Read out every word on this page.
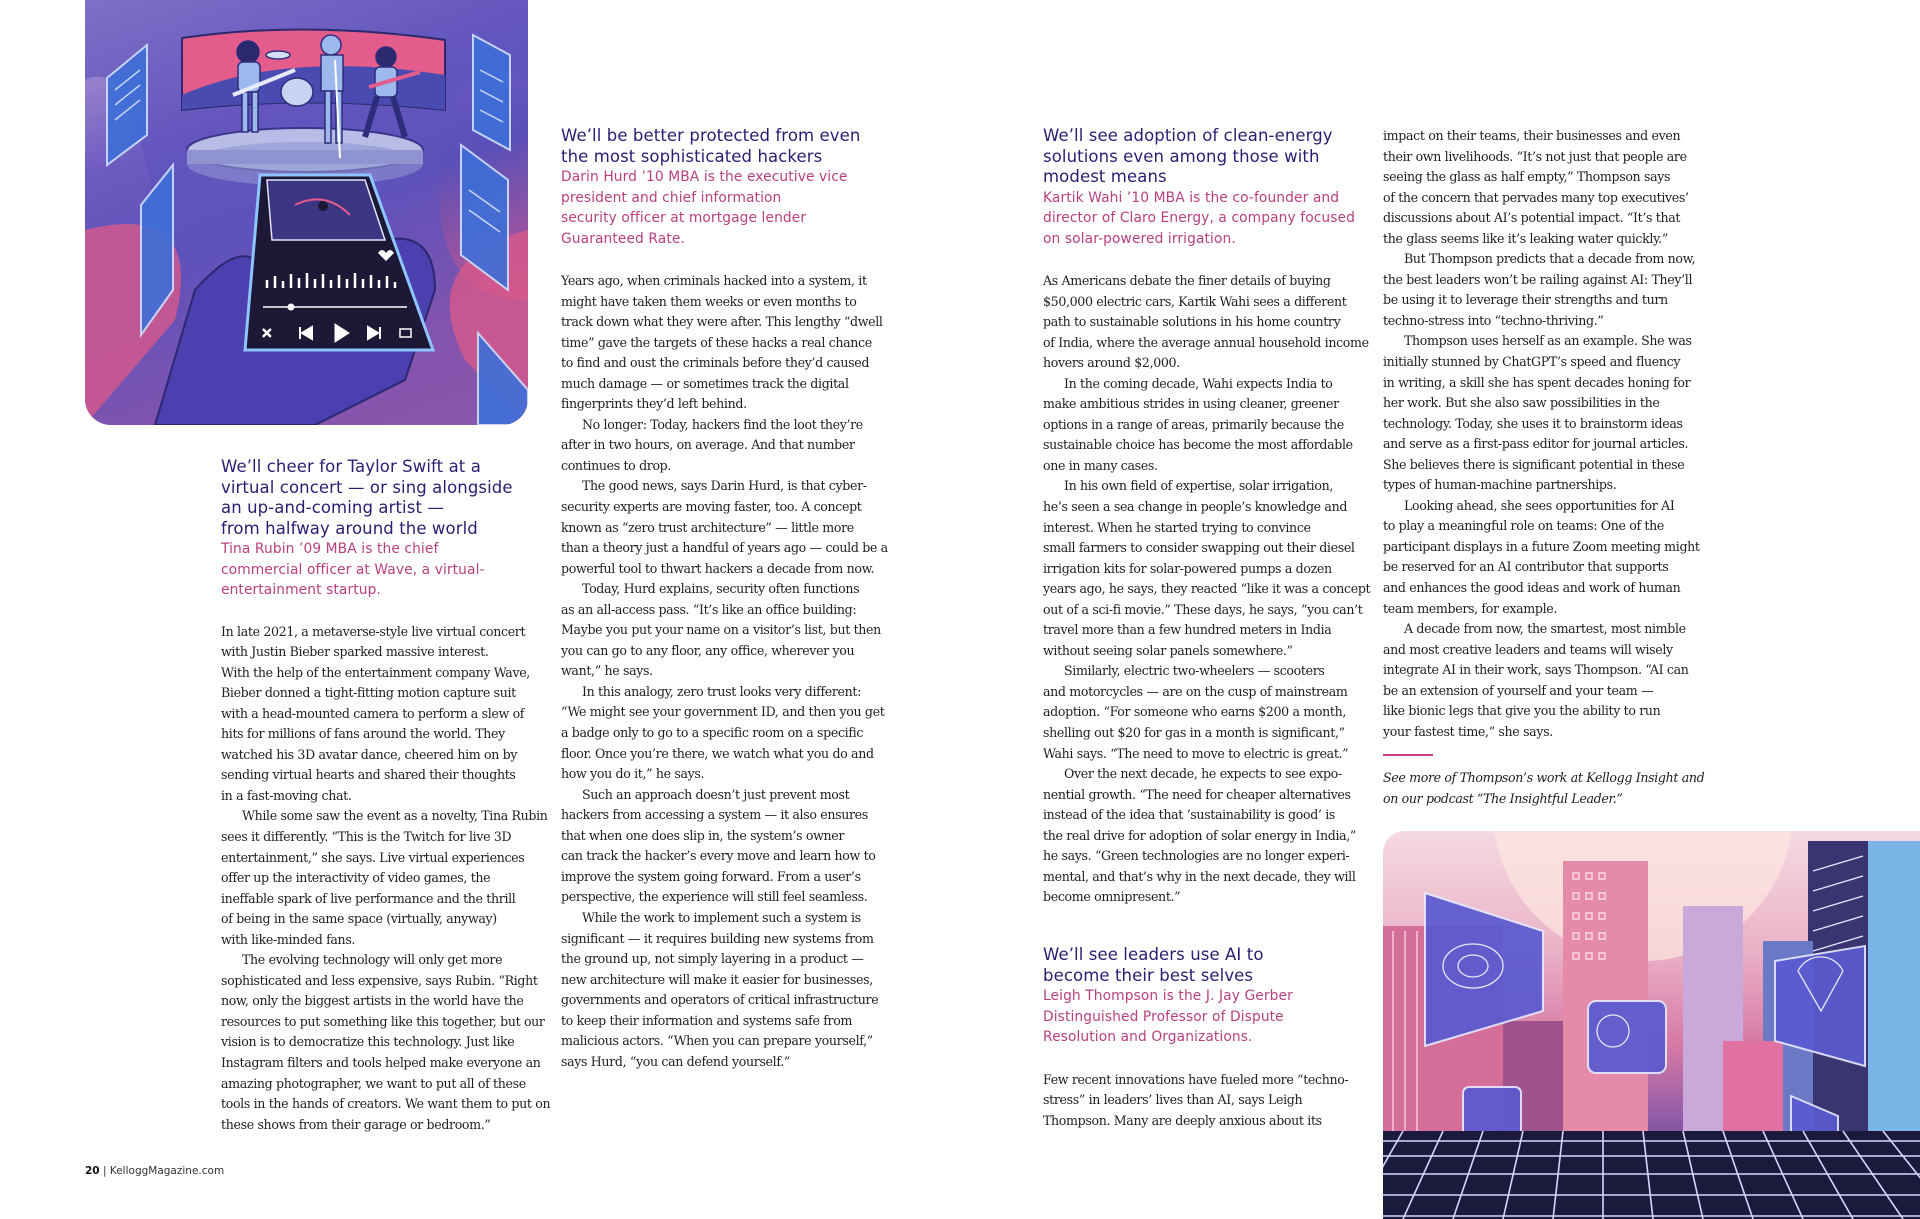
✕
We’ll cheer for Taylor Swift at a
virtual concert — or sing alongside
an up-and-coming artist —
from halfway around the world

Tina Rubin ’09 MBA is the chief
commercial officer at Wave, a virtual-
entertainment startup.

In late 2021, a metaverse-style live virtual concert
with Justin Bieber sparked massive interest.
With the help of the entertainment company Wave,
Bieber donned a tight-fitting motion capture suit
with a head-mounted camera to perform a slew of
hits for millions of fans around the world. They
watched his 3D avatar dance, cheered him on by
sending virtual hearts and shared their thoughts
in a fast-moving chat.
While some saw the event as a novelty, Tina Rubin
sees it differently. “This is the Twitch for live 3D
entertainment,” she says. Live virtual experiences
offer up the interactivity of video games, the
ineffable spark of live performance and the thrill
of being in the same space (virtually, anyway)
with like-minded fans.
The evolving technology will only get more
sophisticated and less expensive, says Rubin. “Right
now, only the biggest artists in the world have the
resources to put something like this together, but our
vision is to democratize this technology. Just like
Instagram filters and tools helped make everyone an
amazing photographer, we want to put all of these
tools in the hands of creators. We want them to put on
these shows from their garage or bedroom.”
We’ll be better protected from even
the most sophisticated hackers

Darin Hurd ’10 MBA is the executive vice
president and chief information
security officer at mortgage lender
Guaranteed Rate.

Years ago, when criminals hacked into a system, it
might have taken them weeks or even months to
track down what they were after. This lengthy “dwell
time” gave the targets of these hacks a real chance
to find and oust the criminals before they’d caused
much damage — or sometimes track the digital
fingerprints they’d left behind.
No longer: Today, hackers find the loot they’re
after in two hours, on average. And that number
continues to drop.
The good news, says Darin Hurd, is that cyber-
security experts are moving faster, too. A concept
known as “zero trust architecture” — little more
than a theory just a handful of years ago — could be a
powerful tool to thwart hackers a decade from now.
Today, Hurd explains, security often functions
as an all-access pass. “It’s like an office building:
Maybe you put your name on a visitor’s list, but then
you can go to any floor, any office, wherever you
want,” he says.
In this analogy, zero trust looks very different:
“We might see your government ID, and then you get
a badge only to go to a specific room on a specific
floor. Once you’re there, we watch what you do and
how you do it,” he says.
Such an approach doesn’t just prevent most
hackers from accessing a system — it also ensures
that when one does slip in, the system’s owner
can track the hacker’s every move and learn how to
improve the system going forward. From a user’s
perspective, the experience will still feel seamless.
While the work to implement such a system is
significant — it requires building new systems from
the ground up, not simply layering in a product —
new architecture will make it easier for businesses,
governments and operators of critical infrastructure
to keep their information and systems safe from
malicious actors. “When you can prepare yourself,”
says Hurd, “you can defend yourself.”
We’ll see adoption of clean-energy
solutions even among those with
modest means

Kartik Wahi ’10 MBA is the co-founder and
director of Claro Energy, a company focused
on solar-powered irrigation.

As Americans debate the finer details of buying
$50,000 electric cars, Kartik Wahi sees a different
path to sustainable solutions in his home country
of India, where the average annual household income
hovers around $2,000.
In the coming decade, Wahi expects India to
make ambitious strides in using cleaner, greener
options in a range of areas, primarily because the
sustainable choice has become the most affordable
one in many cases.
In his own field of expertise, solar irrigation,
he’s seen a sea change in people’s knowledge and
interest. When he started trying to convince
small farmers to consider swapping out their diesel
irrigation kits for solar-powered pumps a dozen
years ago, he says, they reacted “like it was a concept
out of a sci-fi movie.” These days, he says, “you can’t
travel more than a few hundred meters in India
without seeing solar panels somewhere.”
Similarly, electric two-wheelers — scooters
and motorcycles — are on the cusp of mainstream
adoption. “For someone who earns $200 a month,
shelling out $20 for gas in a month is significant,”
Wahi says. “The need to move to electric is great.”
Over the next decade, he expects to see expo-
nential growth. “The need for cheaper alternatives
instead of the idea that ‘sustainability is good’ is
the real drive for adoption of solar energy in India,”
he says. “Green technologies are no longer experi-
mental, and that’s why in the next decade, they will
become omnipresent.”
We’ll see leaders use AI to
become their best selves

Leigh Thompson is the J. Jay Gerber
Distinguished Professor of Dispute
Resolution and Organizations.

Few recent innovations have fueled more “techno-
stress” in leaders’ lives than AI, says Leigh
Thompson. Many are deeply anxious about its
impact on their teams, their businesses and even
their own livelihoods. “It’s not just that people are
seeing the glass as half empty,” Thompson says
of the concern that pervades many top executives’
discussions about AI’s potential impact. “It’s that
the glass seems like it’s leaking water quickly.”
But Thompson predicts that a decade from now,
the best leaders won’t be railing against AI: They’ll
be using it to leverage their strengths and turn
techno-stress into “techno-thriving.”
Thompson uses herself as an example. She was
initially stunned by ChatGPT’s speed and fluency
in writing, a skill she has spent decades honing for
her work. But she also saw possibilities in the
technology. Today, she uses it to brainstorm ideas
and serve as a first-pass editor for journal articles.
She believes there is significant potential in these
types of human-machine partnerships.
Looking ahead, she sees opportunities for AI
to play a meaningful role on teams: One of the
participant displays in a future Zoom meeting might
be reserved for an AI contributor that supports
and enhances the good ideas and work of human
team members, for example.
A decade from now, the smartest, most nimble
and most creative leaders and teams will wisely
integrate AI in their work, says Thompson. “AI can
be an extension of yourself and your team —
like bionic legs that give you the ability to run
your fastest time,” she says.
See more of Thompson’s work at Kellogg Insight and
on our podcast “The Insightful Leader.”
20 | KelloggMagazine.com
